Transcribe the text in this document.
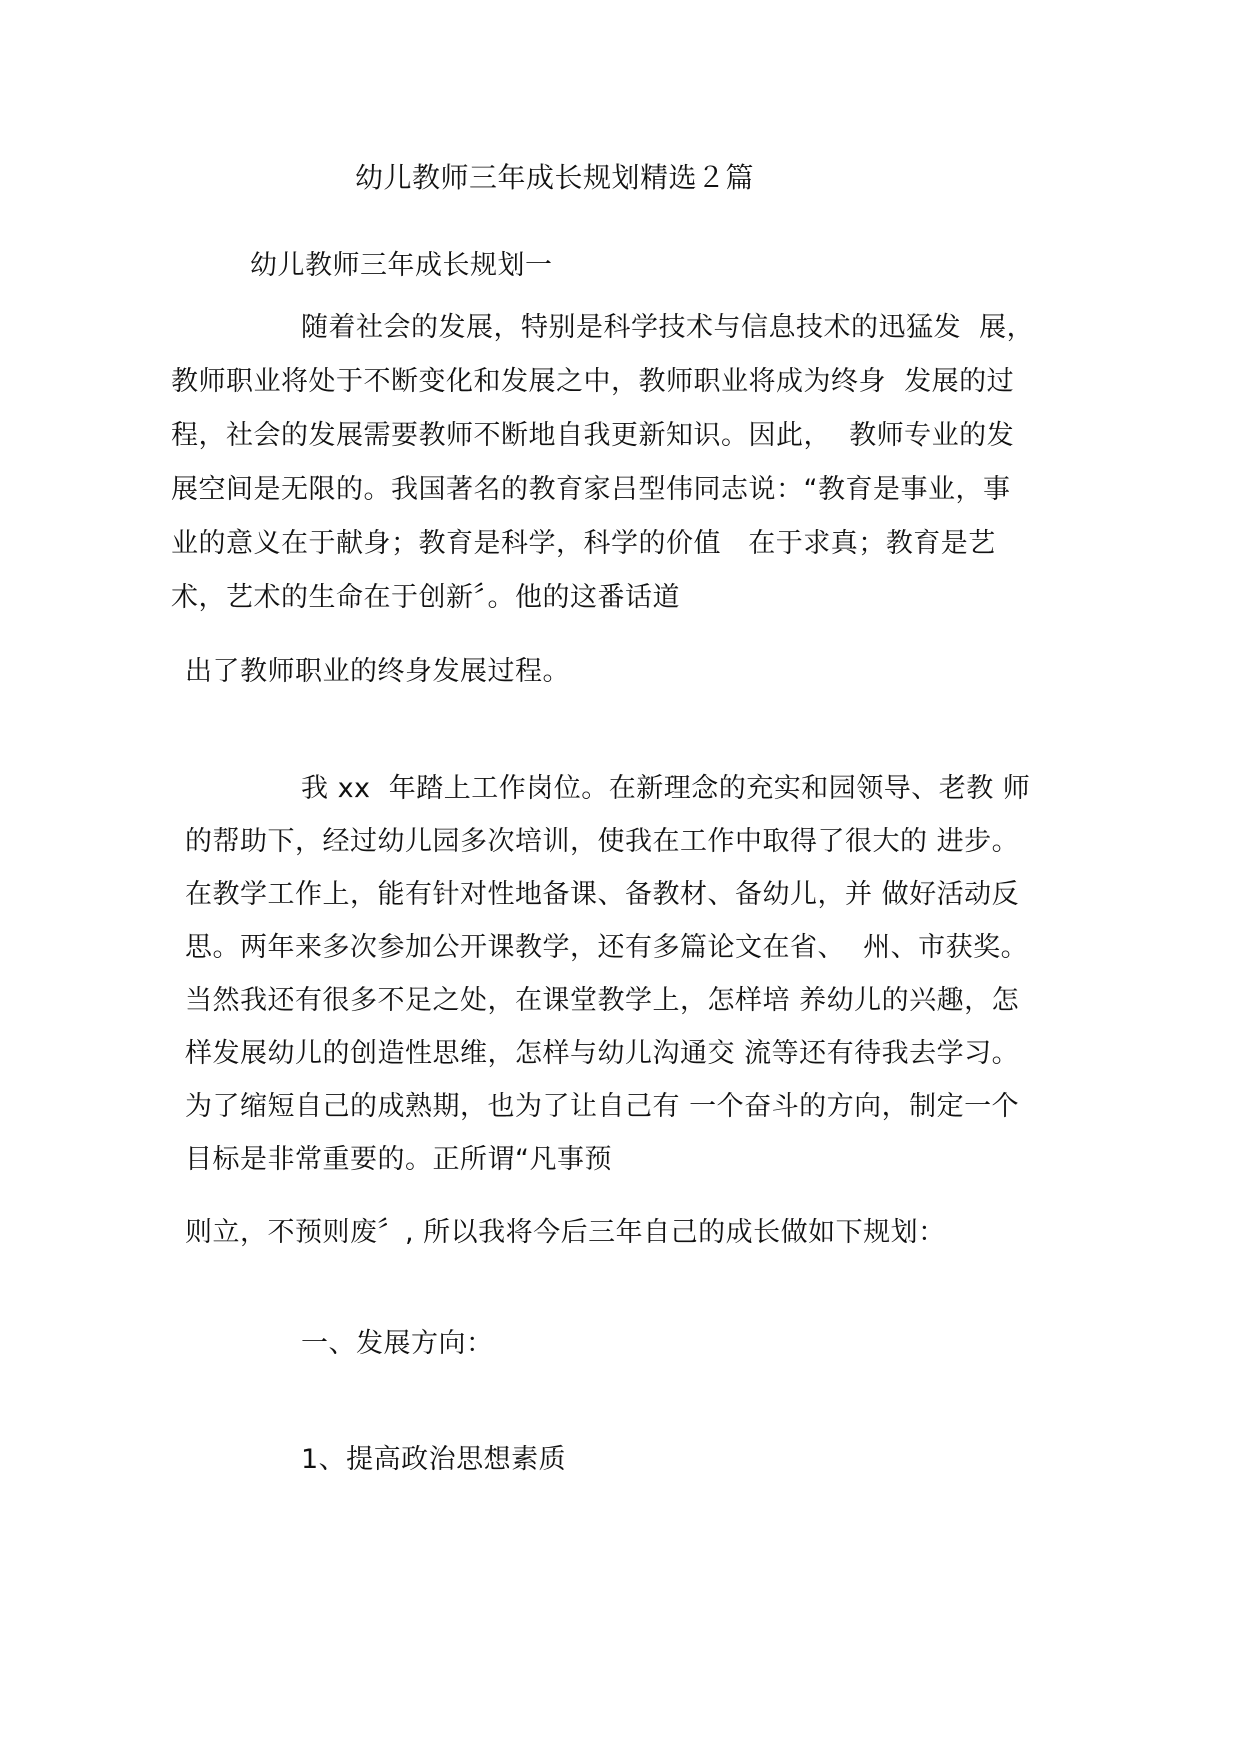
幼儿教师三年成长规划精选２篇
幼儿教师三年成长规划一
随着社会的发展，特别是科学技术与信息技术的迅猛发  展，
教师职业将处于不断变化和发展之中，教师职业将成为终身  发展的过
程，社会的发展需要教师不断地自我更新知识。因此，  教师专业的发
展空间是无限的。我国著名的教育家吕型伟同志说：“教育是事业，事
业的意义在于献身；教育是科学，科学的价值   在于求真；教育是艺
术，艺术的生命在于创新〞。他的这番话道
出了教师职业的终身发展过程。
我 xx  年踏上工作岗位。在新理念的充实和园领导、老教 师
的帮助下，经过幼儿园多次培训，使我在工作中取得了很大的 进步。
在教学工作上，能有针对性地备课、备教材、备幼儿，并 做好活动反
思。两年来多次参加公开课教学，还有多篇论文在省、  州、市获奖。
当然我还有很多不足之处，在课堂教学上，怎样培 养幼儿的兴趣，怎
样发展幼儿的创造性思维，怎样与幼儿沟通交 流等还有待我去学习。
为了缩短自己的成熟期，也为了让自己有 一个奋斗的方向，制定一个
目标是非常重要的。正所谓“凡事预
则立，不预则废〞, 所以我将今后三年自己的成长做如下规划：
一、发展方向：
1、提高政治思想素质
